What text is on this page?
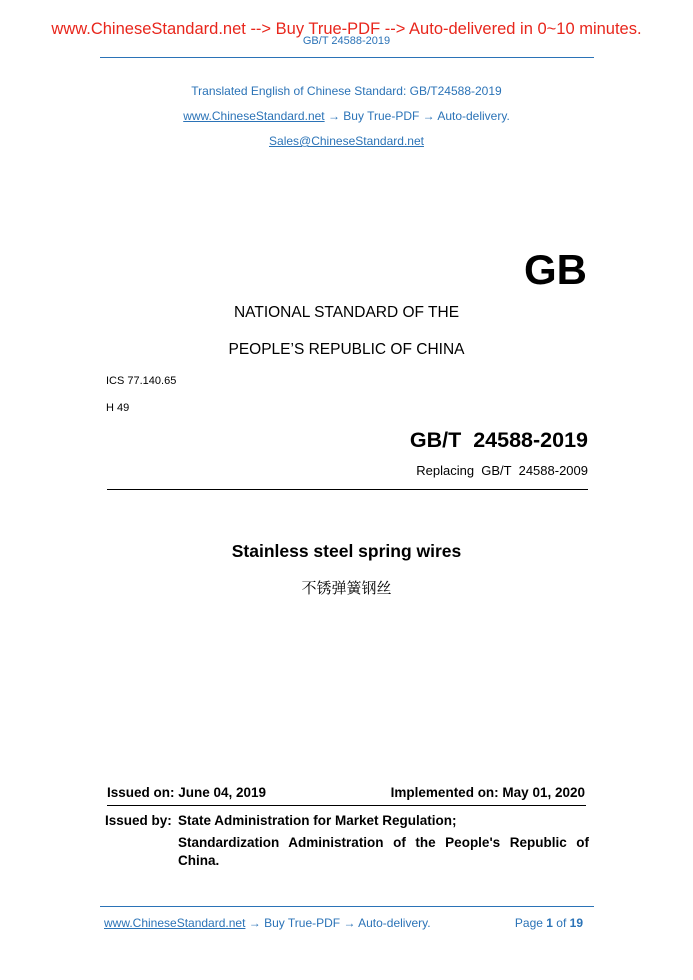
www.ChineseStandard.net --> Buy True-PDF --> Auto-delivered in 0~10 minutes.
GB/T 24588-2019
Translated English of Chinese Standard: GB/T24588-2019
www.ChineseStandard.net → Buy True-PDF → Auto-delivery.
Sales@ChineseStandard.net
GB
NATIONAL STANDARD OF THE
PEOPLE’S REPUBLIC OF CHINA
ICS 77.140.65
H 49
GB/T  24588-2019
Replacing  GB/T  24588-2009
Stainless steel spring wires
不锈弹簧钢丝
Issued on: June 04, 2019	Implemented on: May 01, 2020
Issued by: State Administration for Market Regulation;
Standardization Administration of the People's Republic of
China.
www.ChineseStandard.net → Buy True-PDF → Auto-delivery.	Page 1 of 19
